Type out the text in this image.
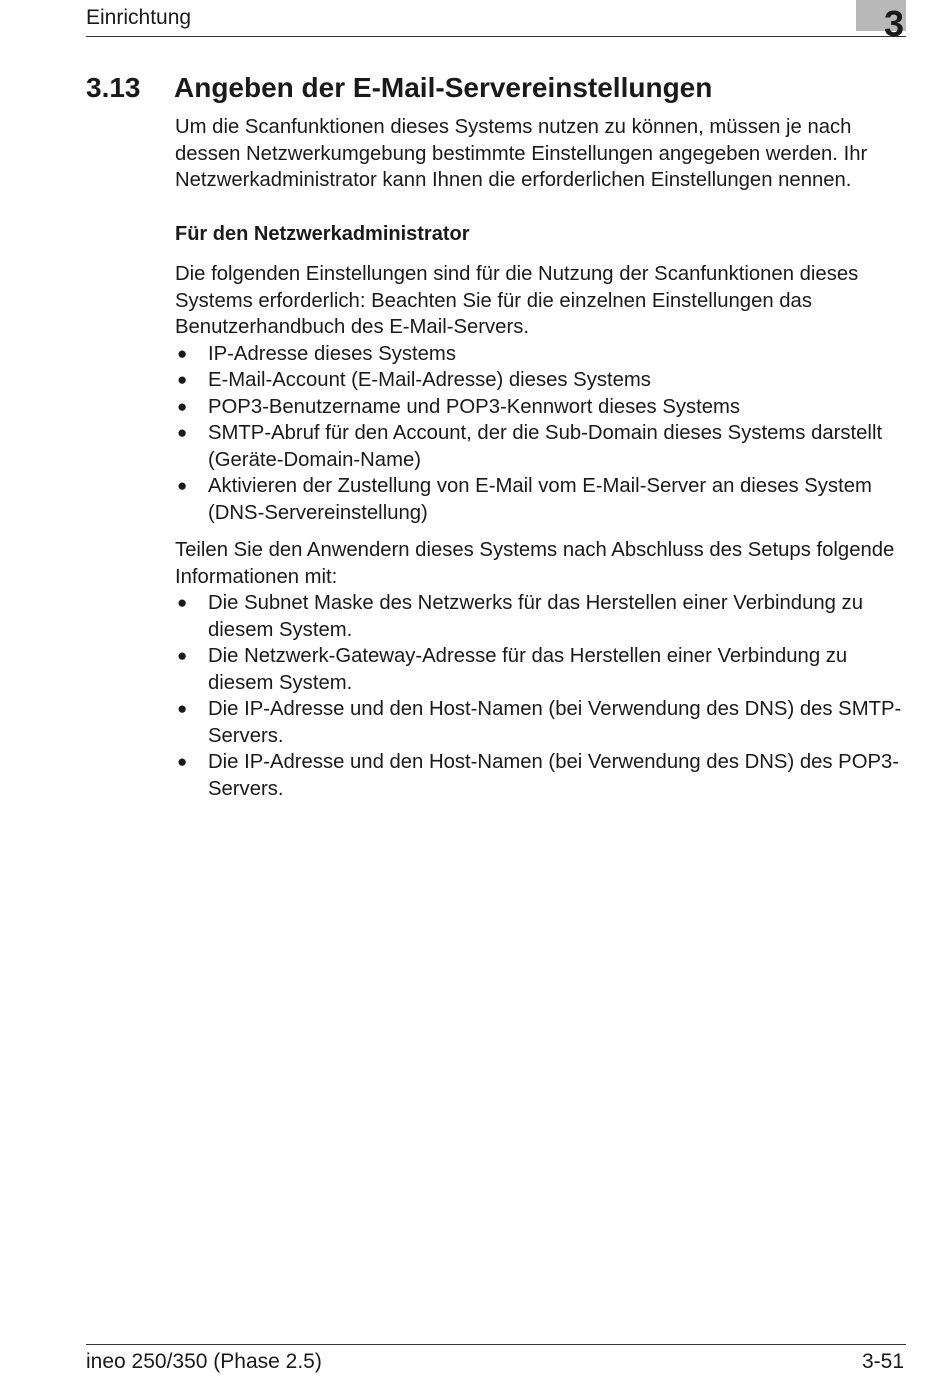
Einrichtung	3
3.13 Angeben der E-Mail-Servereinstellungen

Um die Scanfunktionen dieses Systems nutzen zu können, müssen je nach dessen Netzwerkumgebung bestimmte Einstellungen angegeben werden. Ihr Netzwerkadministrator kann Ihnen die erforderlichen Einstellungen nennen.

Für den Netzwerkadministrator

Die folgenden Einstellungen sind für die Nutzung der Scanfunktionen dieses Systems erforderlich: Beachten Sie für die einzelnen Einstellungen das Benutzerhandbuch des E-Mail-Servers.

● IP-Adresse dieses Systems
● E-Mail-Account (E-Mail-Adresse) dieses Systems
● POP3-Benutzername und POP3-Kennwort dieses Systems
● SMTP-Abruf für den Account, der die Sub-Domain dieses Systems darstellt (Geräte-Domain-Name)
● Aktivieren der Zustellung von E-Mail vom E-Mail-Server an dieses System (DNS-Servereinstellung)

Teilen Sie den Anwendern dieses Systems nach Abschluss des Setups folgende Informationen mit:

● Die Subnet Maske des Netzwerks für das Herstellen einer Verbindung zu diesem System.
● Die Netzwerk-Gateway-Adresse für das Herstellen einer Verbindung zu diesem System.
● Die IP-Adresse und den Host-Namen (bei Verwendung des DNS) des SMTP-Servers.
● Die IP-Adresse und den Host-Namen (bei Verwendung des DNS) des POP3-Servers.
ineo 250/350 (Phase 2.5)	3-51
